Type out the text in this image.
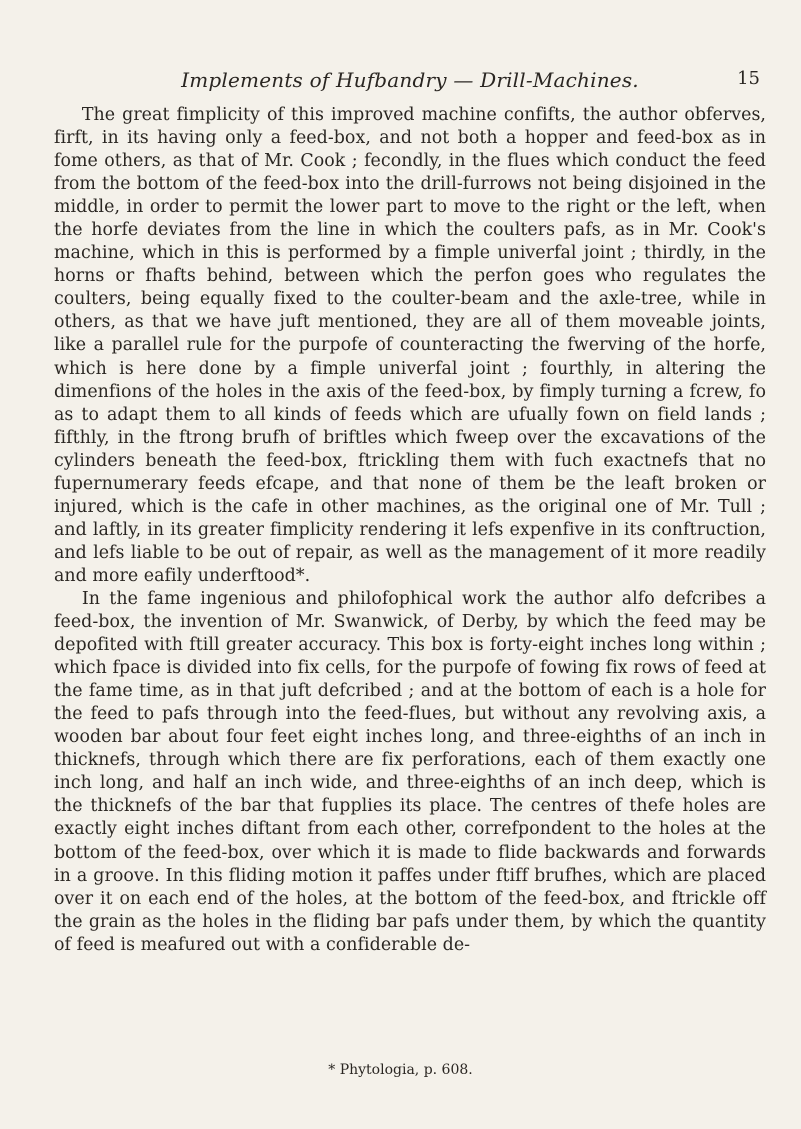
Implements of Hufbandry — Drill-Machines.	15

The great fimplicity of this improved machine confifts, the author obferves, firft, in its having only a feed-box, and not both a hopper and feed-box as in fome others, as that of Mr. Cook ; fecondly, in the flues which conduct the feed from the bottom of the feed-box into the drill-furrows not being disjoined in the middle, in order to permit the lower part to move to the right or the left, when the horfe deviates from the line in which the coulters pafs, as in Mr. Cook's machine, which in this is performed by a fimple univerfal joint ; thirdly, in the horns or fhafts behind, between which the perfon goes who regulates the coulters, being equally fixed to the coulter-beam and the axle-tree, while in others, as that we have juft mentioned, they are all of them moveable joints, like a parallel rule for the purpofe of counteracting the fwerving of the horfe, which is here done by a fimple univerfal joint ; fourthly, in altering the dimenfions of the holes in the axis of the feed-box, by fimply turning a fcrew, fo as to adapt them to all kinds of feeds which are ufually fown on field lands ; fifthly, in the ftrong brufh of briftles which fweep over the excavations of the cylinders beneath the feed-box, ftrickling them with fuch exactnefs that no fupernumerary feeds efcape, and that none of them be the leaft broken or injured, which is the cafe in other machines, as the original one of Mr. Tull ; and laftly, in its greater fimplicity rendering it lefs expenfive in its conftruction, and lefs liable to be out of repair, as well as the management of it more readily and more eafily underftood*.

In the fame ingenious and philofophical work the author alfo defcribes a feed-box, the invention of Mr. Swanwick, of Derby, by which the feed may be depofited with ftill greater accuracy. This box is forty-eight inches long within ; which fpace is divided into fix cells, for the purpofe of fowing fix rows of feed at the fame time, as in that juft defcribed ; and at the bottom of each is a hole for the feed to pafs through into the feed-flues, but without any revolving axis, a wooden bar about four feet eight inches long, and three-eighths of an inch in thicknefs, through which there are fix perforations, each of them exactly one inch long, and half an inch wide, and three-eighths of an inch deep, which is the thicknefs of the bar that fupplies its place. The centres of thefe holes are exactly eight inches diftant from each other, correfpondent to the holes at the bottom of the feed-box, over which it is made to flide backwards and forwards in a groove. In this fliding motion it paffes under ftiff brufhes, which are placed over it on each end of the holes, at the bottom of the feed-box, and ftrickle off the grain as the holes in the fliding bar pafs under them, by which the quantity of feed is meafured out with a confiderable de-

* Phytologia, p. 608.
